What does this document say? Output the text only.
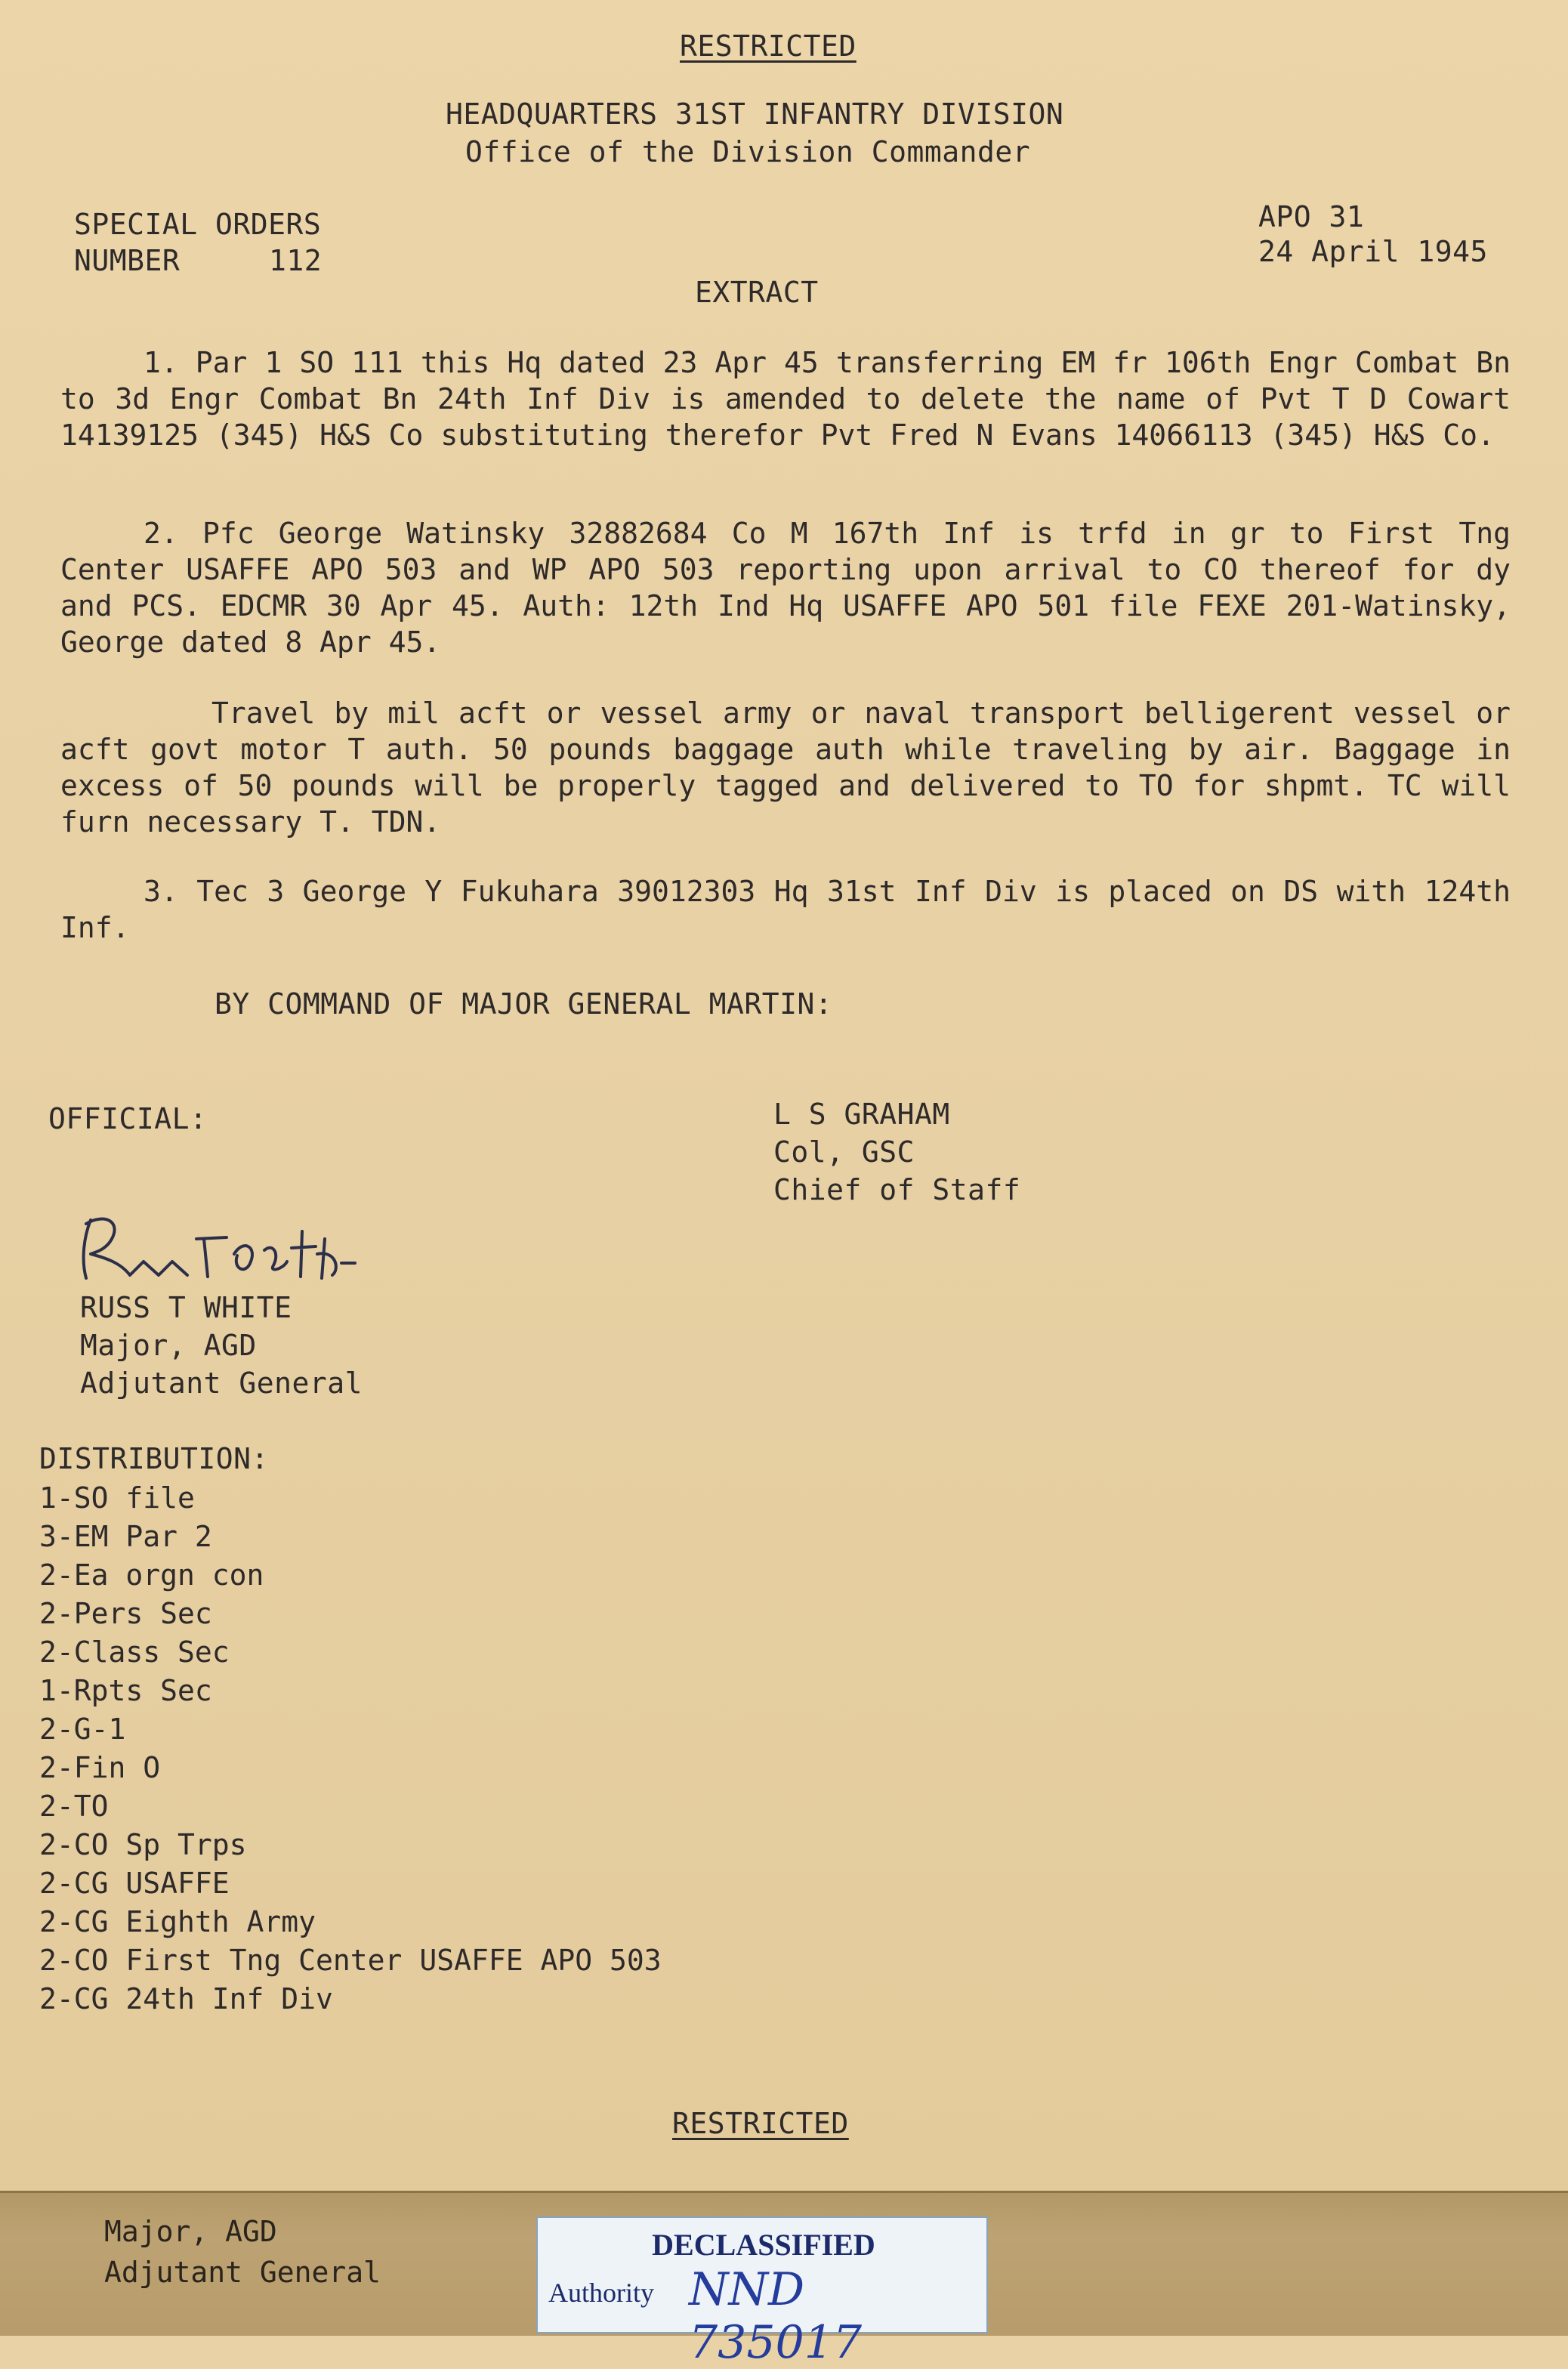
RESTRICTED
HEADQUARTERS 31ST INFANTRY DIVISION
Office of the Division Commander
SPECIAL ORDERS
NUMBER	112
APO 31
24 April 1945
EXTRACT
1. Par 1 SO 111 this Hq dated 23 Apr 45 transferring EM fr 106th Engr Combat Bn to 3d Engr Combat Bn 24th Inf Div is amended to delete the name of Pvt T D Cowart 14139125 (345) H&S Co substituting therefor Pvt Fred N Evans 14066113 (345) H&S Co.
2. Pfc George Watinsky 32882684 Co M 167th Inf is trfd in gr to First Tng Center USAFFE APO 503 and WP APO 503 reporting upon arrival to CO thereof for dy and PCS. EDCMR 30 Apr 45. Auth: 12th Ind Hq USAFFE APO 501 file FEXE 201-Watinsky, George dated 8 Apr 45.
Travel by mil acft or vessel army or naval transport belligerent vessel or acft govt motor T auth. 50 pounds baggage auth while traveling by air. Baggage in excess of 50 pounds will be properly tagged and delivered to TO for shpmt. TC will furn necessary T. TDN.
3. Tec 3 George Y Fukuhara 39012303 Hq 31st Inf Div is placed on DS with 124th Inf.
BY COMMAND OF MAJOR GENERAL MARTIN:
OFFICIAL:	L S GRAHAM
Col, GSC
Chief of Staff
RUSS T WHITE
Major, AGD
Adjutant General
DISTRIBUTION:
1-SO file
3-EM Par 2
2-Ea orgn con
2-Pers Sec
2-Class Sec
1-Rpts Sec
2-G-1
2-Fin O
2-TO
2-CO Sp Trps
2-CG USAFFE
2-CG Eighth Army
2-CO First Tng Center USAFFE APO 503
2-CG 24th Inf Div
RESTRICTED
Major, AGD
Adjutant General
DECLASSIFIED
Authority NND 735017
